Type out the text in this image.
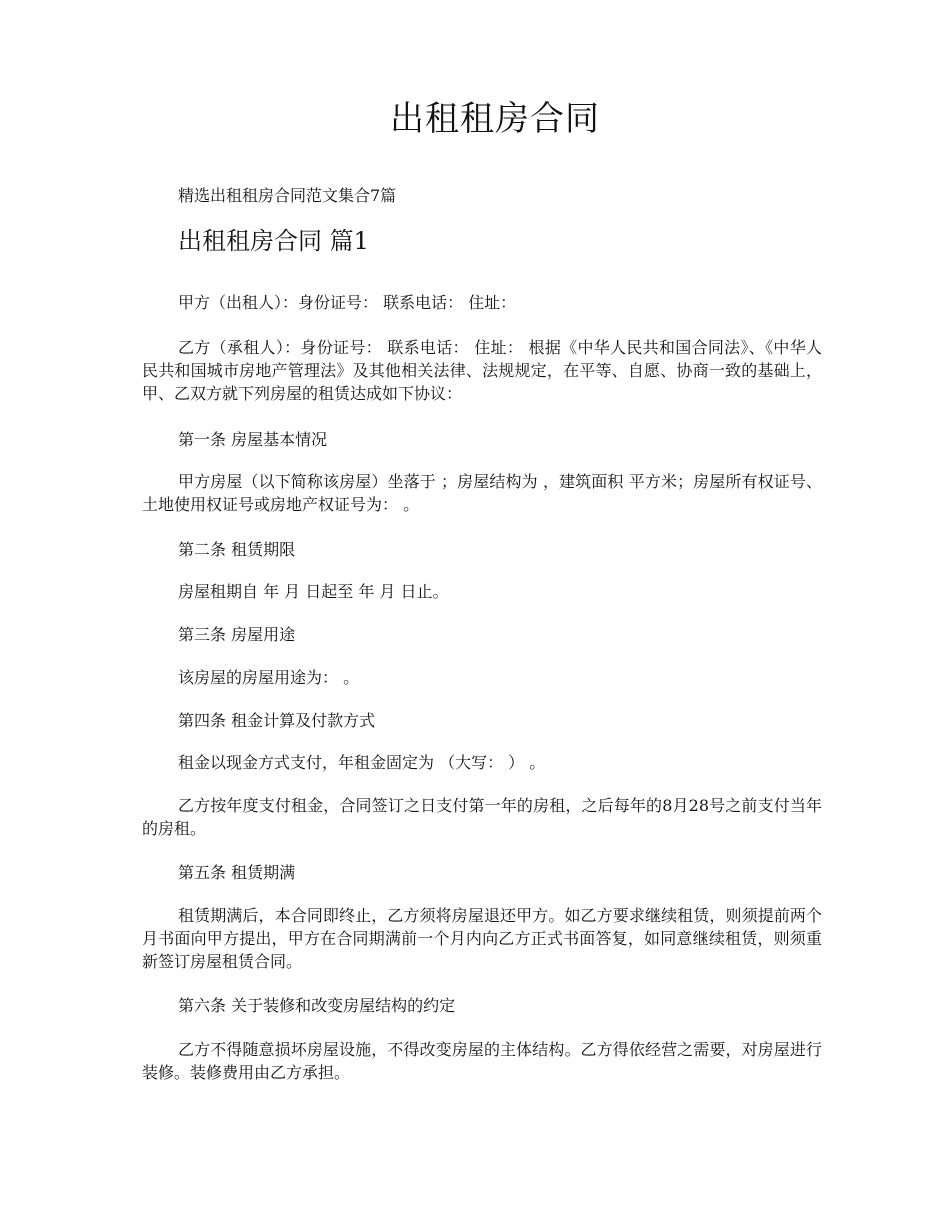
出租租房合同
精选出租租房合同范文集合7篇
出租租房合同 篇1
甲方（出租人）：身份证号： 联系电话： 住址：

乙方（承租人）：身份证号： 联系电话： 住址： 根据《中华人民共和国合同法》、《中华人民共和国城市房地产管理法》及其他相关法律、法规规定，在平等、自愿、协商一致的基础上，甲、乙双方就下列房屋的租赁达成如下协议：

第一条 房屋基本情况

甲方房屋（以下简称该房屋）坐落于 ；房屋结构为 ，建筑面积 平方米；房屋所有权证号、土地使用权证号或房地产权证号为： 。

第二条 租赁期限
房屋租期自 年 月 日起至 年 月 日止。
第三条 房屋用途
该房屋的房屋用途为： 。
第四条 租金计算及付款方式
租金以现金方式支付，年租金固定为 （大写： ） 。

乙方按年度支付租金，合同签订之日支付第一年的房租，之后每年的8月28号之前支付当年的房租。

第五条 租赁期满

租赁期满后，本合同即终止，乙方须将房屋退还甲方。如乙方要求继续租赁，则须提前两个月书面向甲方提出，甲方在合同期满前一个月内向乙方正式书面答复，如同意继续租赁，则须重新签订房屋租赁合同。

第六条 关于装修和改变房屋结构的约定

乙方不得随意损坏房屋设施，不得改变房屋的主体结构。乙方得依经营之需要，对房屋进行装修。装修费用由乙方承担。
